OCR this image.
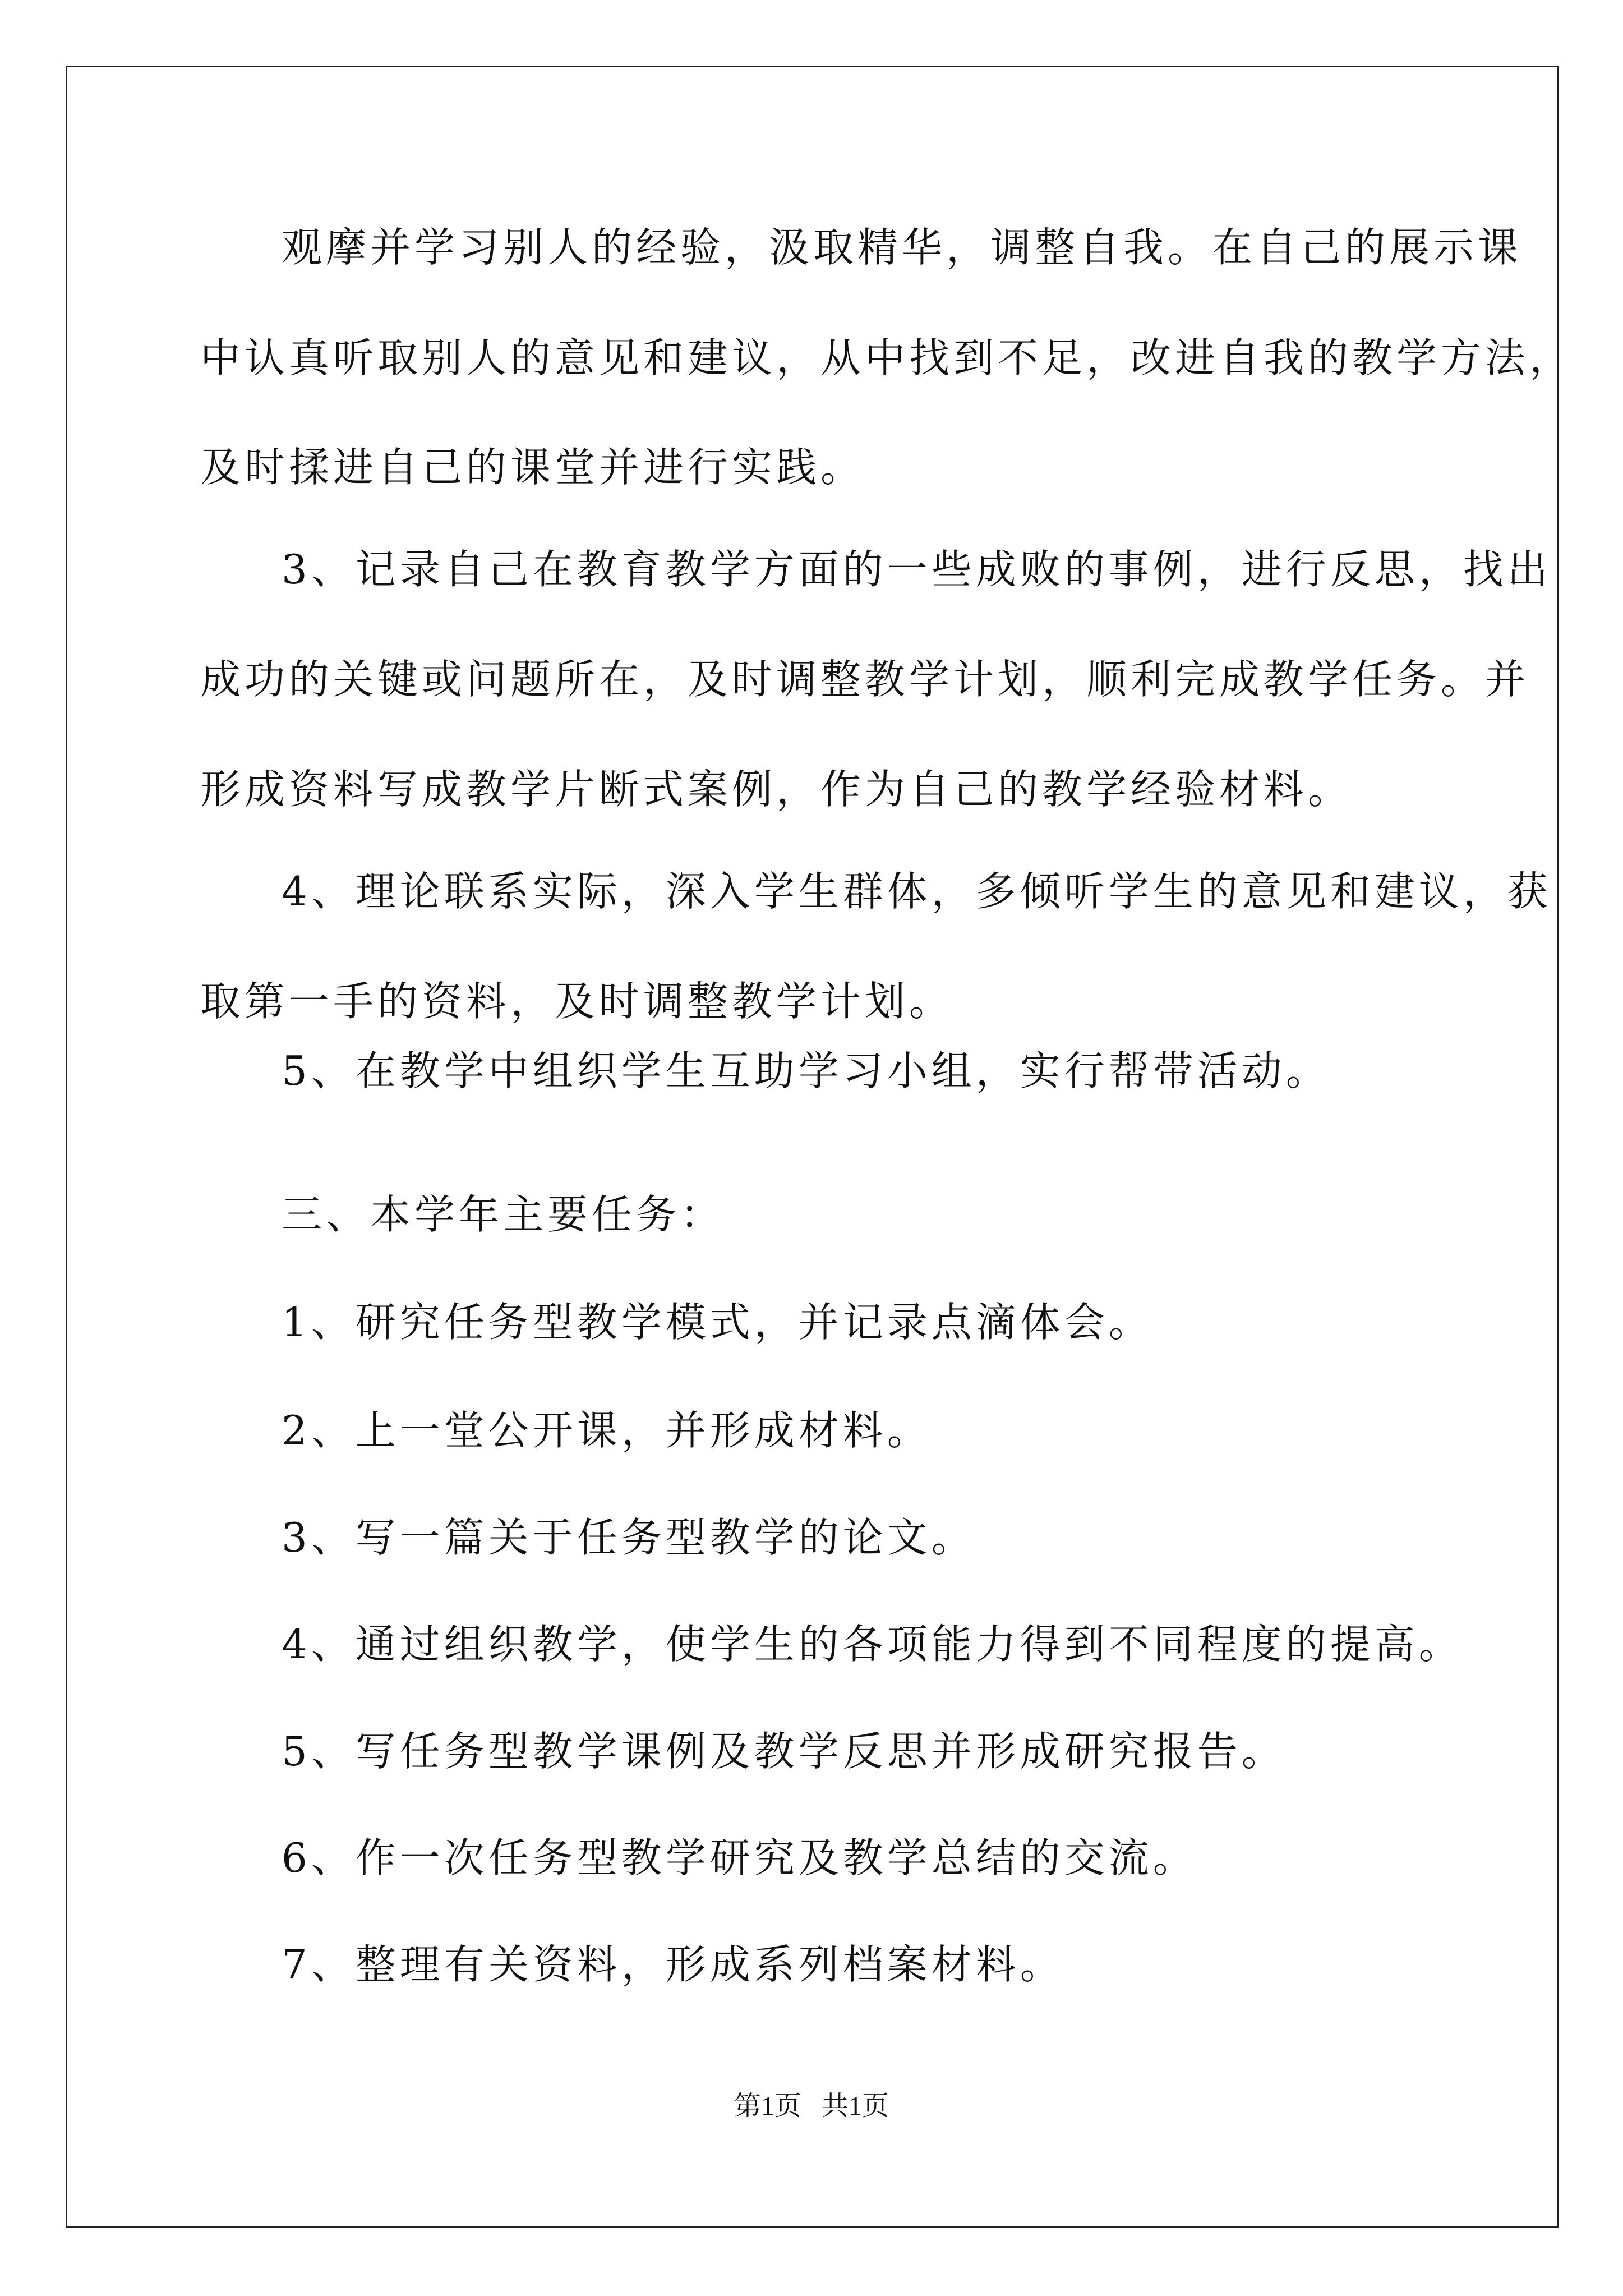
观摩并学习别人的经验，汲取精华，调整自我。在自己的展示课
中认真听取别人的意见和建议，从中找到不足，改进自我的教学方法，
及时揉进自己的课堂并进行实践。
3、记录自己在教育教学方面的一些成败的事例，进行反思，找出
成功的关键或问题所在，及时调整教学计划，顺利完成教学任务。并
形成资料写成教学片断式案例，作为自己的教学经验材料。
4、理论联系实际，深入学生群体，多倾听学生的意见和建议，获
取第一手的资料，及时调整教学计划。
5、在教学中组织学生互助学习小组，实行帮带活动。
三、本学年主要任务：
1、研究任务型教学模式，并记录点滴体会。
2、上一堂公开课，并形成材料。
3、写一篇关于任务型教学的论文。
4、通过组织教学，使学生的各项能力得到不同程度的提高。
5、写任务型教学课例及教学反思并形成研究报告。
6、作一次任务型教学研究及教学总结的交流。
7、整理有关资料，形成系列档案材料。
第1页 共1页
